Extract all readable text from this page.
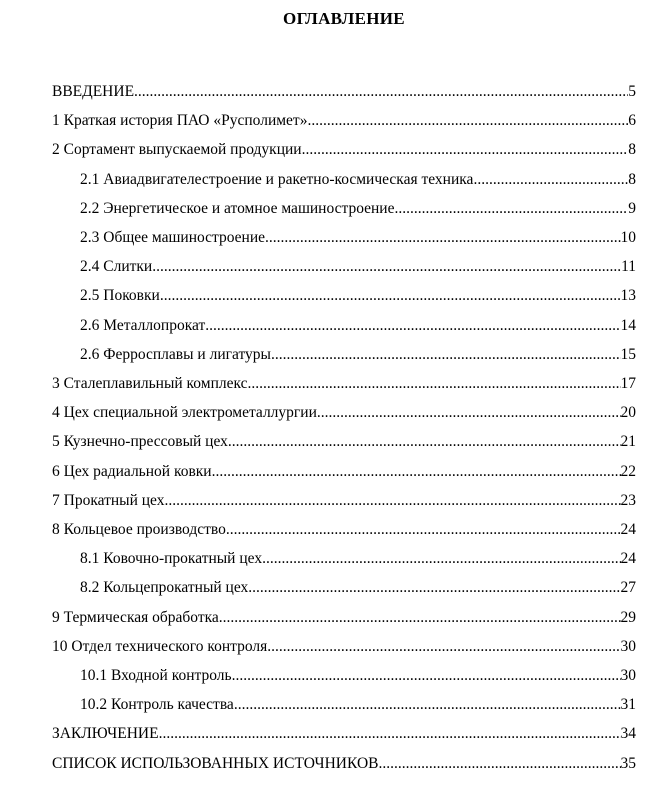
ОГЛАВЛЕНИЕ
ВВЕДЕНИЕ .....	5
1 Краткая история ПАО «Русполимет» .....	6
2 Сортамент выпускаемой продукции .....	8
2.1 Авиадвигателестроение и ракетно-космическая техника .....	8
2.2 Энергетическое и атомное машиностроение .....	9
2.3 Общее машиностроение .....	10
2.4 Слитки .....	11
2.5 Поковки .....	13
2.6 Металлопрокат .....	14
2.6 Ферросплавы и лигатуры .....	15
3 Сталеплавильный комплекс .....	17
4 Цех специальной электрометаллургии .....	20
5 Кузнечно-прессовый цех .....	21
6 Цех радиальной ковки .....	22
7 Прокатный цех .....	23
8 Кольцевое производство .....	24
8.1 Ковочно-прокатный цех .....	24
8.2 Кольцепрокатный цех .....	27
9 Термическая обработка .....	29
10 Отдел технического контроля .....	30
10.1 Входной контроль .....	30
10.2 Контроль качества .....	31
ЗАКЛЮЧЕНИЕ .....	34
СПИСОК ИСПОЛЬЗОВАННЫХ ИСТОЧНИКОВ .....	35
